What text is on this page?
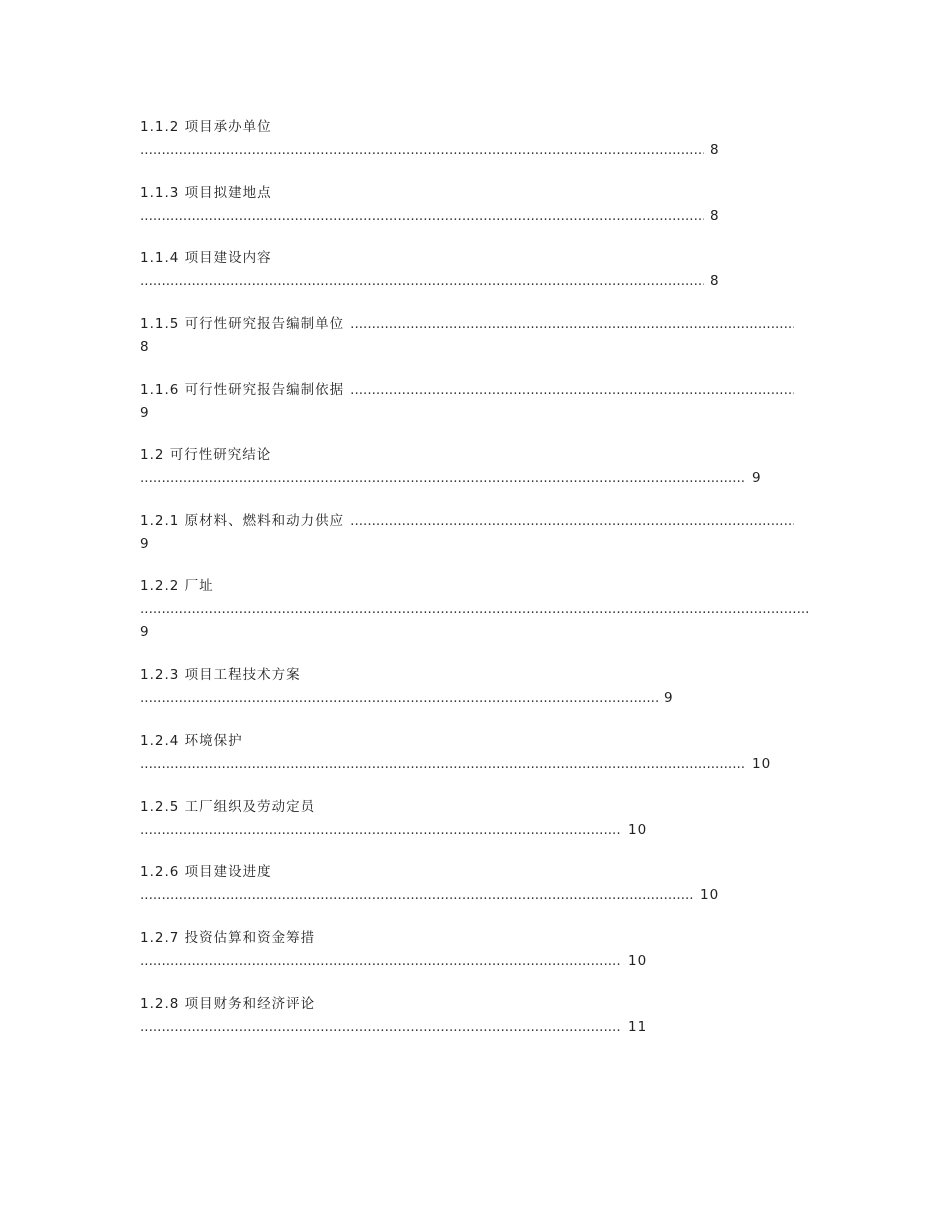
1.1.2 项目承办单位
.....8
1.1.3 项目拟建地点
.....8
1.1.4 项目建设内容
.....8
1.1.5 可行性研究报告编制单位.....
8
1.1.6 可行性研究报告编制依据.....
9
1.2 可行性研究结论
.....9
1.2.1 原材料、燃料和动力供应.....
9
1.2.2 厂址
.....
9
1.2.3 项目工程技术方案
.....9
1.2.4 环境保护
.....10
1.2.5 工厂组织及劳动定员
.....10
1.2.6 项目建设进度
.....10
1.2.7 投资估算和资金筹措
.....10
1.2.8 项目财务和经济评论
.....11
